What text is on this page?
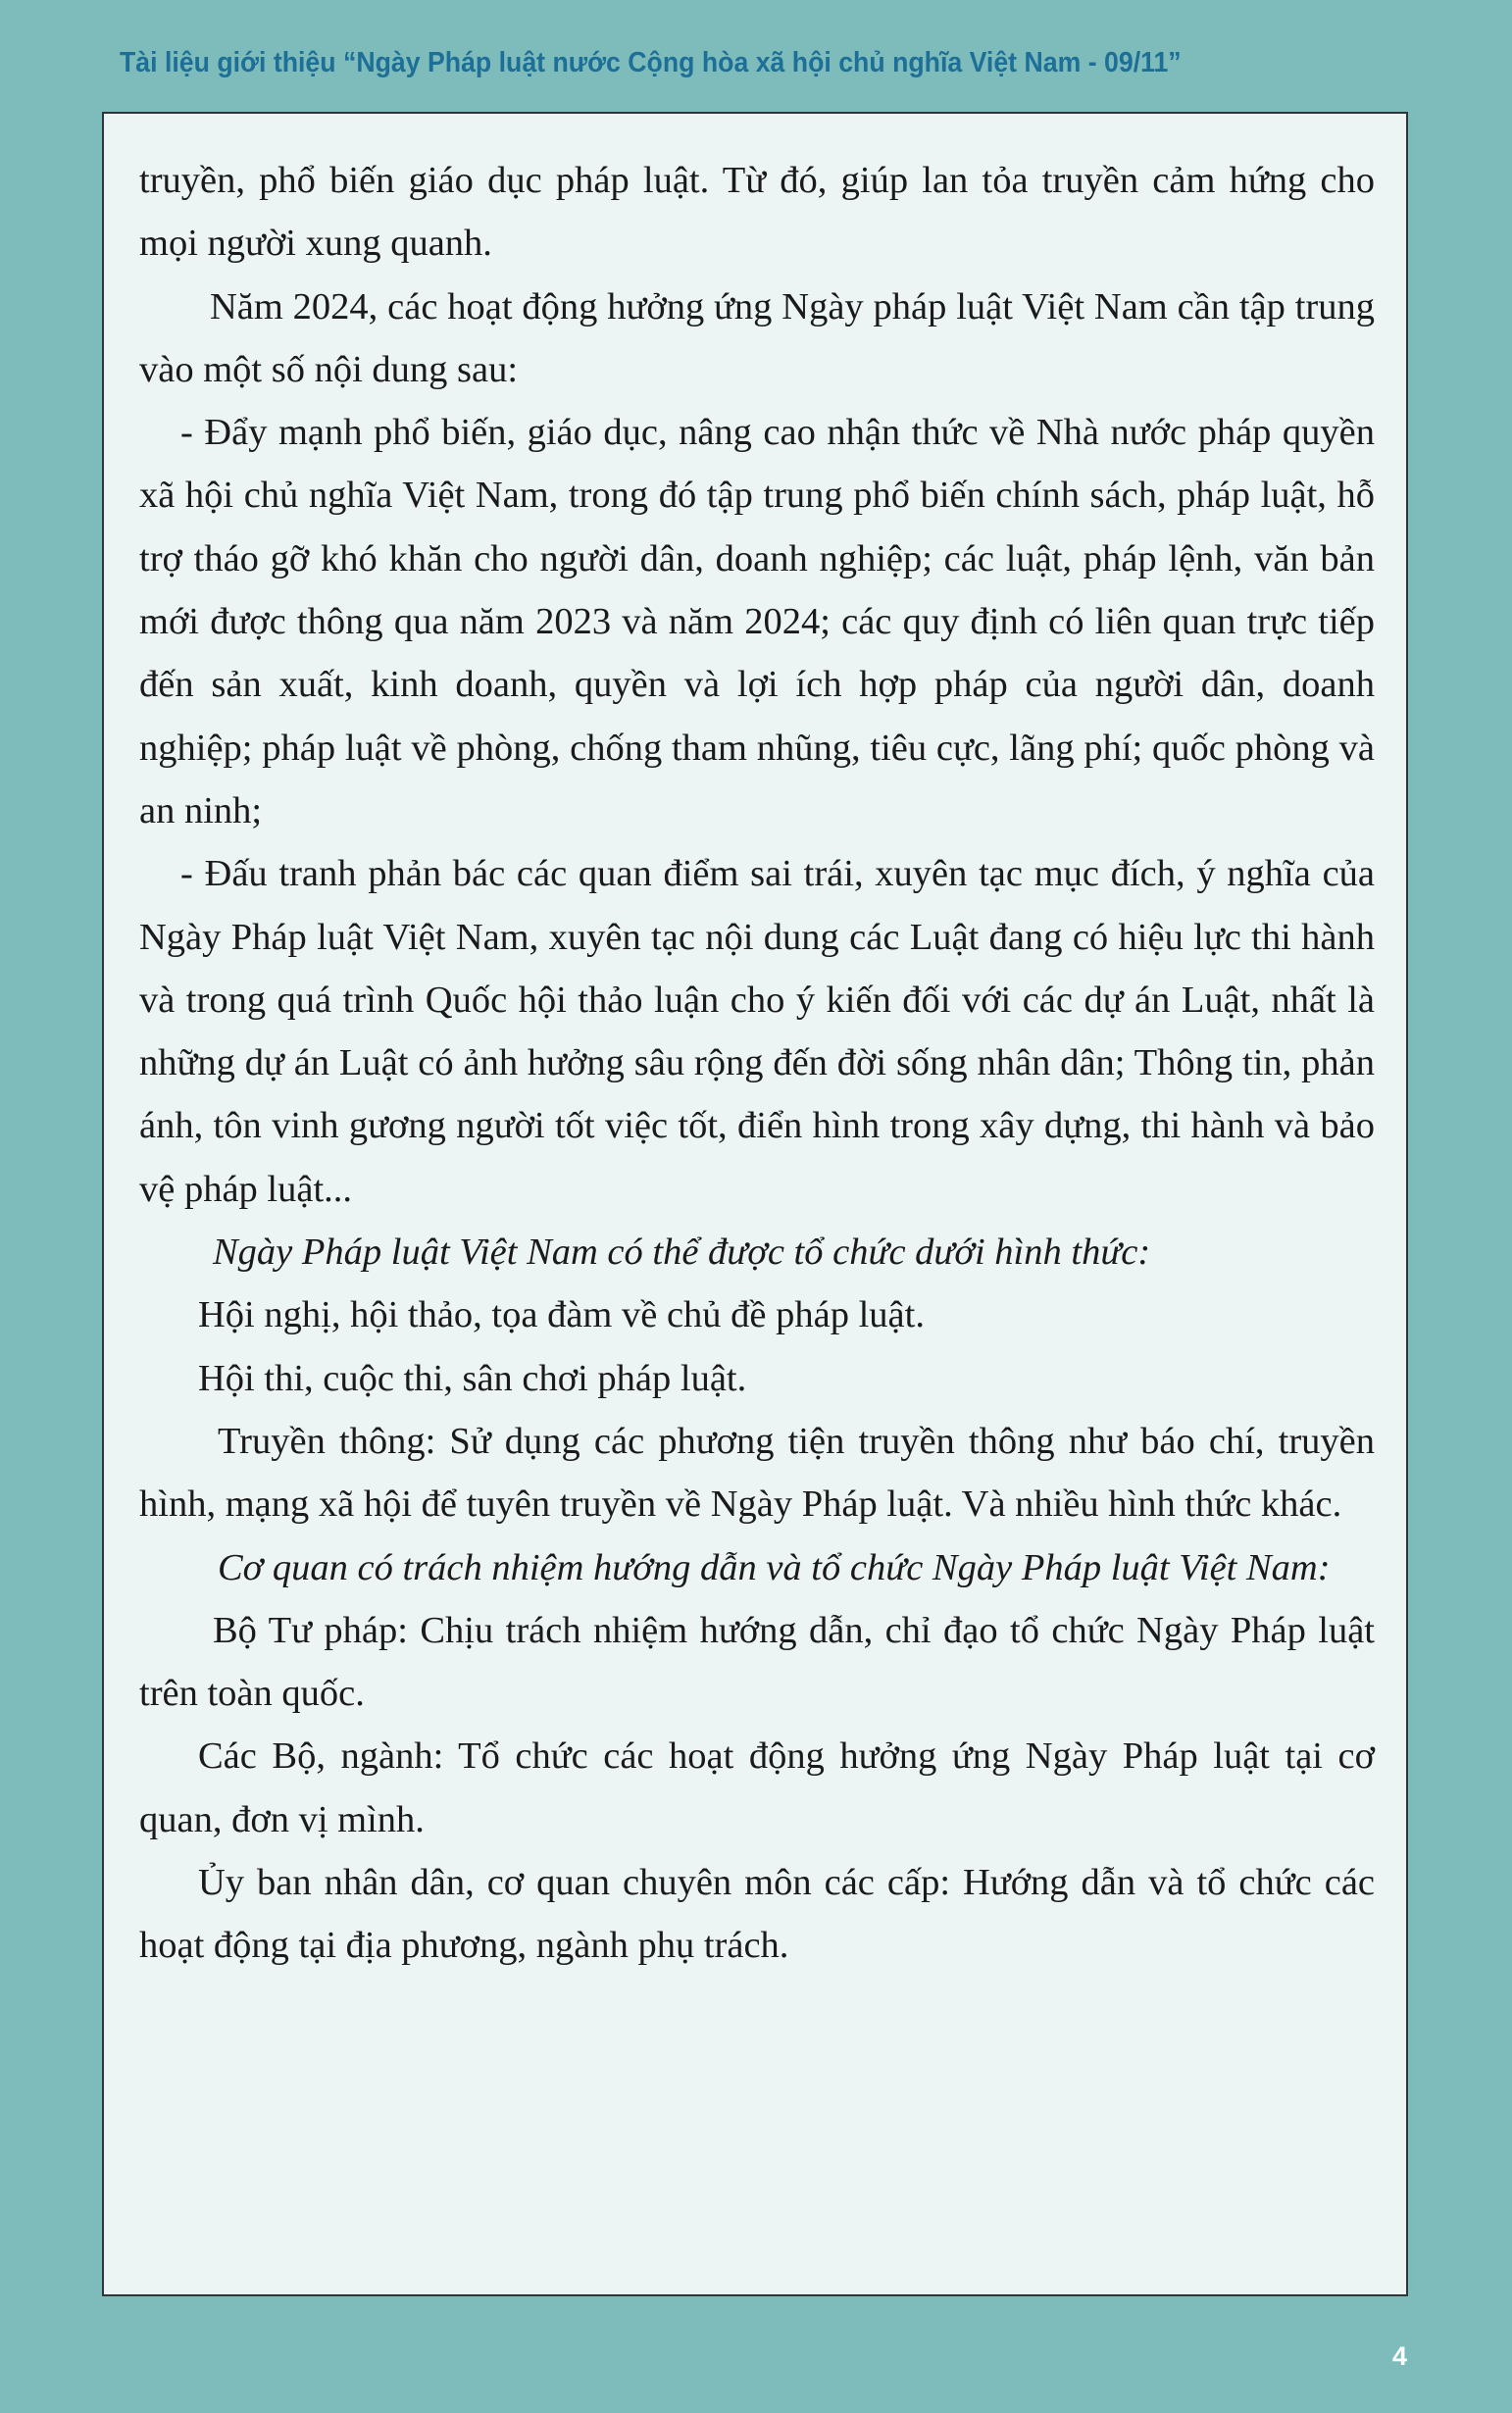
Tài liệu giới thiệu “Ngày Pháp luật nước Cộng hòa xã hội chủ nghĩa Việt Nam - 09/11”

truyền, phổ biến giáo dục pháp luật. Từ đó, giúp lan tỏa truyền cảm hứng cho mọi người xung quanh.

Năm 2024, các hoạt động hưởng ứng Ngày pháp luật Việt Nam cần tập trung vào một số nội dung sau:

- Đẩy mạnh phổ biến, giáo dục, nâng cao nhận thức về Nhà nước pháp quyền xã hội chủ nghĩa Việt Nam, trong đó tập trung phổ biến chính sách, pháp luật, hỗ trợ tháo gỡ khó khăn cho người dân, doanh nghiệp; các luật, pháp lệnh, văn bản mới được thông qua năm 2023 và năm 2024; các quy định có liên quan trực tiếp đến sản xuất, kinh doanh, quyền và lợi ích hợp pháp của người dân, doanh nghiệp; pháp luật về phòng, chống tham nhũng, tiêu cực, lãng phí; quốc phòng và an ninh;

- Đấu tranh phản bác các quan điểm sai trái, xuyên tạc mục đích, ý nghĩa của Ngày Pháp luật Việt Nam, xuyên tạc nội dung các Luật đang có hiệu lực thi hành và trong quá trình Quốc hội thảo luận cho ý kiến đối với các dự án Luật, nhất là những dự án Luật có ảnh hưởng sâu rộng đến đời sống nhân dân; Thông tin, phản ánh, tôn vinh gương người tốt việc tốt, điển hình trong xây dựng, thi hành và bảo vệ pháp luật...

Ngày Pháp luật Việt Nam có thể được tổ chức dưới hình thức:

Hội nghị, hội thảo, tọa đàm về chủ đề pháp luật.

Hội thi, cuộc thi, sân chơi pháp luật.

Truyền thông: Sử dụng các phương tiện truyền thông như báo chí, truyền hình, mạng xã hội để tuyên truyền về Ngày Pháp luật. Và nhiều hình thức khác.

Cơ quan có trách nhiệm hướng dẫn và tổ chức Ngày Pháp luật Việt Nam:

Bộ Tư pháp: Chịu trách nhiệm hướng dẫn, chỉ đạo tổ chức Ngày Pháp luật trên toàn quốc.

Các Bộ, ngành: Tổ chức các hoạt động hưởng ứng Ngày Pháp luật tại cơ quan, đơn vị mình.

Ủy ban nhân dân, cơ quan chuyên môn các cấp: Hướng dẫn và tổ chức các hoạt động tại địa phương, ngành phụ trách.

4
